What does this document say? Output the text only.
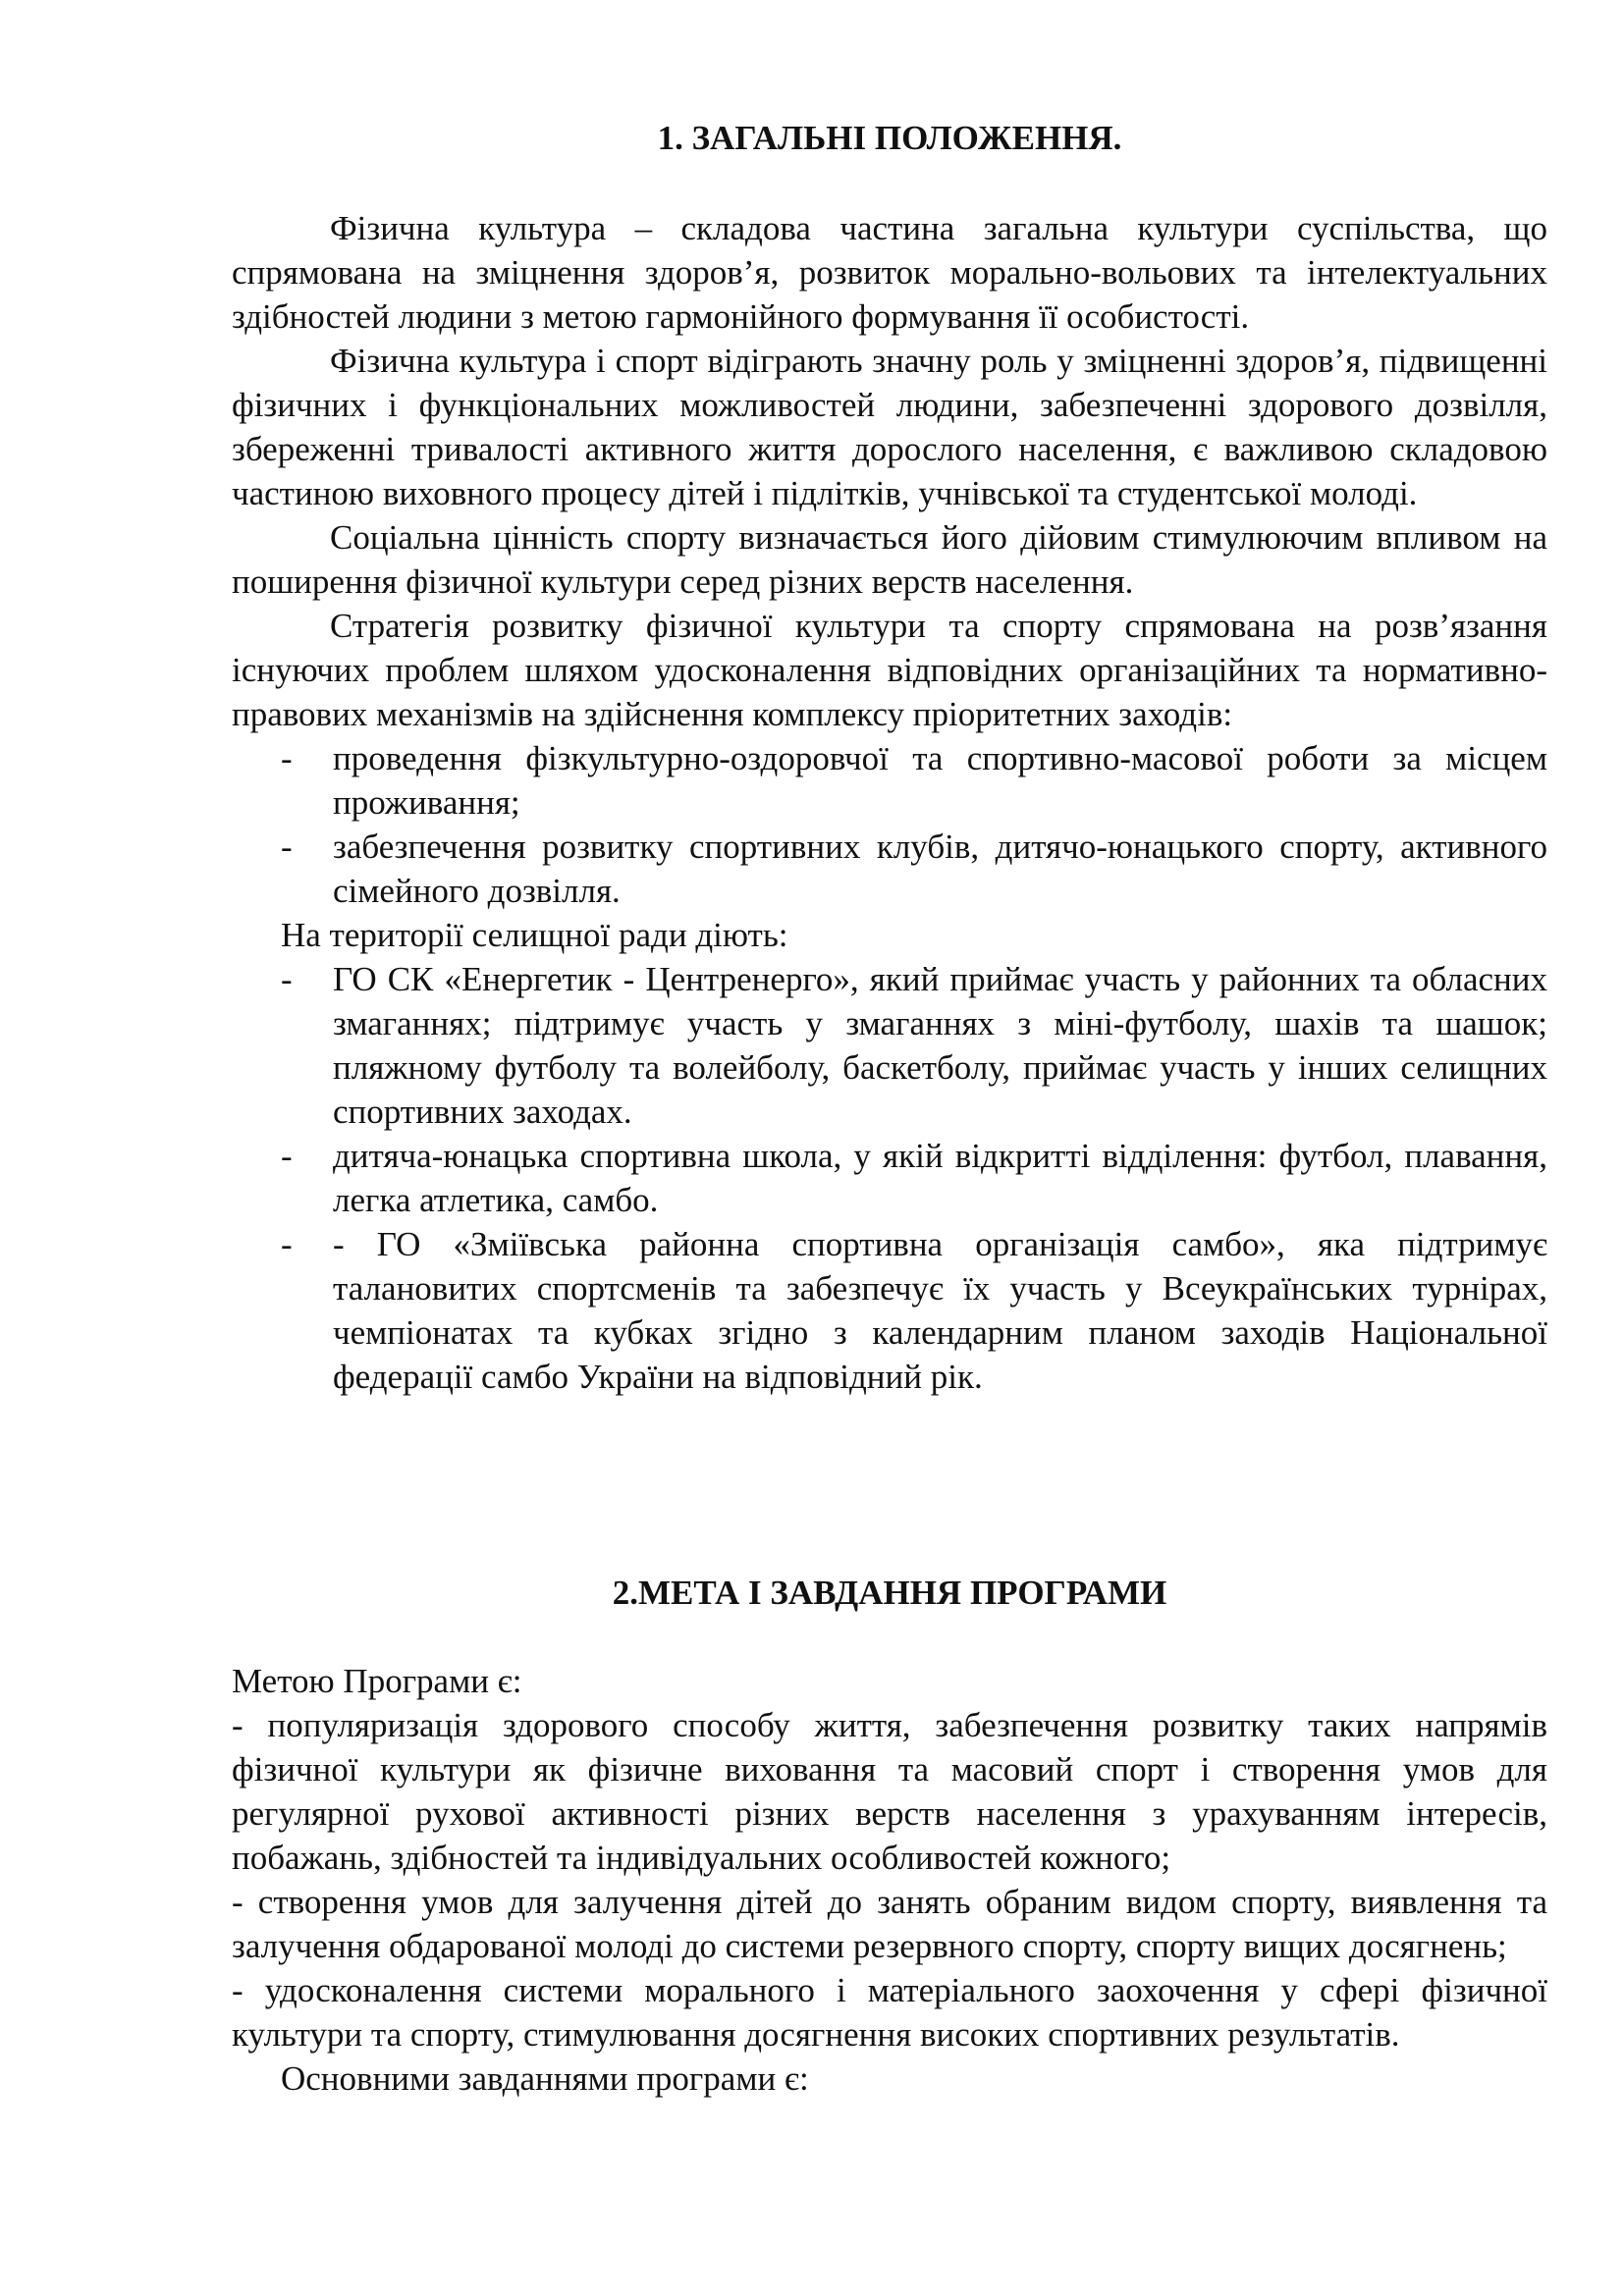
1. ЗАГАЛЬНІ ПОЛОЖЕННЯ.

Фізична культура – складова частина загальна культури суспільства, що спрямована на зміцнення здоров’я, розвиток морально-вольових та інтелектуальних здібностей людини з метою гармонійного формування її особистості.

Фізична культура і спорт відіграють значну роль у зміцненні здоров’я, підвищенні фізичних і функціональних можливостей людини, забезпеченні здорового дозвілля, збереженні тривалості активного життя дорослого населення, є важливою складовою частиною виховного процесу дітей і підлітків, учнівської та студентської молоді.

Соціальна цінність спорту визначається його дійовим стимулюючим впливом на поширення фізичної культури серед різних верств населення.

Стратегія розвитку фізичної культури та спорту спрямована на розв’язання існуючих проблем шляхом удосконалення відповідних організаційних та нормативно-правових механізмів на здійснення комплексу пріоритетних заходів:

- проведення фізкультурно-оздоровчої та спортивно-масової роботи за місцем проживання;
- забезпечення розвитку спортивних клубів, дитячо-юнацького спорту, активного сімейного дозвілля.

На території селищної ради діють:

- ГО СК «Енергетик - Центренерго», який приймає участь у районних та обласних змаганнях; підтримує участь у змаганнях з міні-футболу, шахів та шашок; пляжному футболу та волейболу, баскетболу, приймає участь у інших селищних спортивних заходах.
- дитяча-юнацька спортивна школа, у якій відкритті відділення: футбол, плавання, легка атлетика, самбо.
- - ГО «Зміївська районна спортивна організація самбо», яка підтримує талановитих спортсменів та забезпечує їх участь у Всеукраїнських турнірах, чемпіонатах та кубках згідно з календарним планом заходів Національної федерації самбо України на відповідний рік.
2.МЕТА І ЗАВДАННЯ ПРОГРАМИ

Метою Програми є:

- популяризація здорового способу життя, забезпечення розвитку таких напрямів фізичної культури як фізичне виховання та масовий спорт і створення умов для регулярної рухової активності різних верств населення з урахуванням інтересів, побажань, здібностей та індивідуальних особливостей кожного;

- створення умов для залучення дітей до занять обраним видом спорту, виявлення та залучення обдарованої молоді до системи резервного спорту, спорту вищих досягнень;

- удосконалення системи морального і матеріального заохочення у сфері фізичної культури та спорту, стимулювання досягнення високих спортивних результатів.

Основними завданнями програми є:
